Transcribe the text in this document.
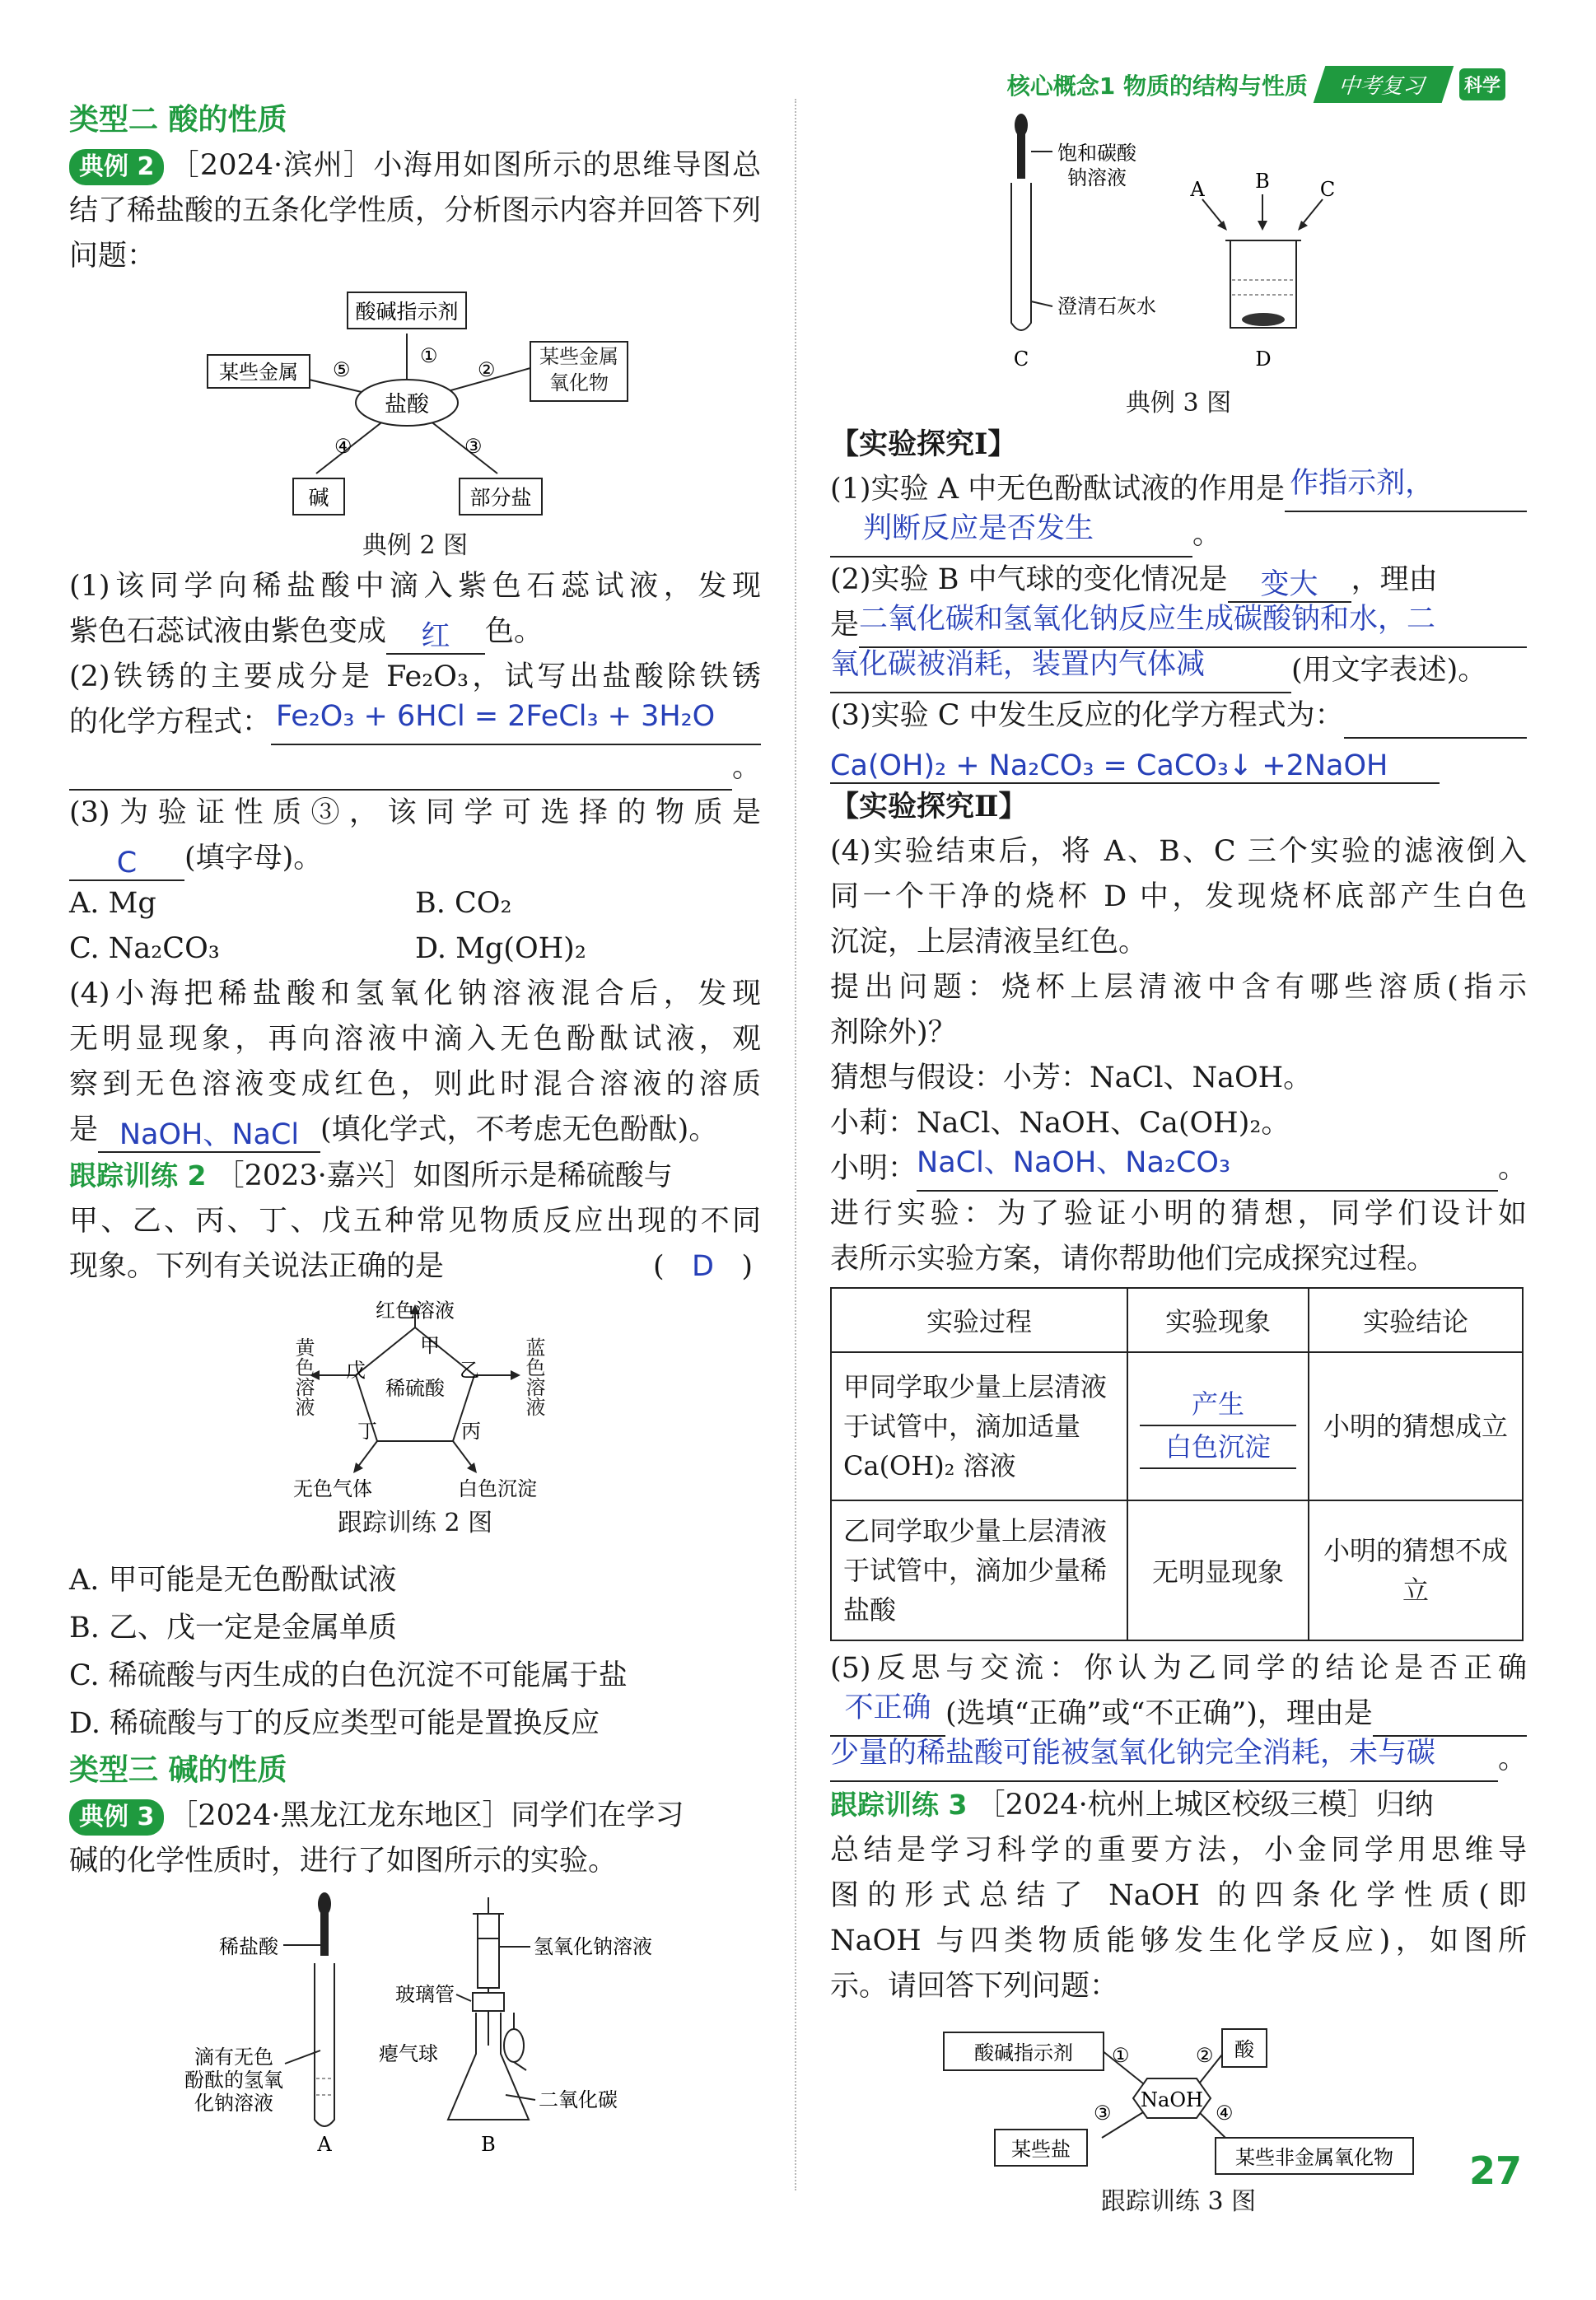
核心概念1 物质的结构与性质	中考复习	科学
类型二 酸的性质

典例 2 ［2024·滨州］小海用如图所示的思维导图总结了稀盐酸的五条化学性质，分析图示内容并回答下列问题：

盐酸
酸碱指示剂
某些金属
某些金属氧化物
碱	部分盐
①
②
③
④
⑤
典例 2 图

(1)该同学向稀盐酸中滴入紫色石蕊试液，发现

紫色石蕊试液由紫色变成 红 色。

(2)铁锈的主要成分是 Fe₂O₃，试写出盐酸除铁锈

的化学方程式： Fe₂O₃ + 6HCl = 2FeCl₃ + 3H₂O

。

(3)为验证性质③，该同学可选择的物质是

C (填字母)。

A. Mg	B. CO₂

C. Na₂CO₃	D. Mg(OH)₂

(4)小海把稀盐酸和氢氧化钠溶液混合后，发现

无明显现象，再向溶液中滴入无色酚酞试液，观

察到无色溶液变成红色，则此时混合溶液的溶质

是 NaOH、NaCl (填化学式，不考虑无色酚酞)。

跟踪训练 2 ［2023·嘉兴］如图所示是稀硫酸与

甲、乙、丙、丁、戊五种常见物质反应出现的不同

现象。下列有关说法正确的是	(   D   )

稀硫酸
红色溶液
甲
乙
丙
丁
戊
黄色溶液	蓝色溶液
无色气体	白色沉淀
跟踪训练 2 图

A. 甲可能是无色酚酞试液

B. 乙、戊一定是金属单质

C. 稀硫酸与丙生成的白色沉淀不可能属于盐

D. 稀硫酸与丁的反应类型可能是置换反应

类型三 碱的性质

典例 3 ［2024·黑龙江龙东地区］同学们在学习

碱的化学性质时，进行了如图所示的实验。

稀盐酸
滴有无色
酚酞的氢氧
化钠溶液
A
氢氧化钠溶液
玻璃管
瘪气球
二氧化碳
B
饱和碳酸
钠溶液
澄清石灰水
C
A	B	C
D
典例 3 图

【实验探究Ⅰ】

(1)实验 A 中无色酚酞试液的作用是 作指示剂，

判断反应是否发生	。

(2)实验 B 中气球的变化情况是 变大 ，理由

是 二氧化碳和氢氧化钠反应生成碳酸钠和水，二

氧化碳被消耗，装置内气体减	(用文字表述)。

(3)实验 C 中发生反应的化学方程式为：

Ca(OH)₂ + Na₂CO₃ = CaCO₃↓ +2NaOH

【实验探究Ⅱ】

(4)实验结束后，将 A、B、C 三个实验的滤液倒入

同一个干净的烧杯 D 中，发现烧杯底部产生白色

沉淀，上层清液呈红色。

提出问题：烧杯上层清液中含有哪些溶质(指示

剂除外)？

猜想与假设：小芳：NaCl、NaOH。

小莉：NaCl、NaOH、Ca(OH)₂。

小明： NaCl、NaOH、Na₂CO₃	。

进行实验：为了验证小明的猜想，同学们设计如

表所示实验方案，请你帮助他们完成探究过程。

实验过程	实验现象	实验结论
甲同学取少量上层清液于试管中，滴加适量 Ca(OH)₂ 溶液	产生
白色沉淀	小明的猜想成立
乙同学取少量上层清液于试管中，滴加少量稀盐酸	无明显现象	小明的猜想不成立

(5)反思与交流：你认为乙同学的结论是否正确

不正确 (选填“正确”或“不正确”)，理由是

少量的稀盐酸可能被氢氧化钠完全消耗，未与碳	。

跟踪训练 3 ［2024·杭州上城区校级三模］归纳

总结是学习科学的重要方法，小金同学用思维导

图的形式总结了 NaOH 的四条化学性质(即

NaOH 与四类物质能够发生化学反应)，如图所

示。请回答下列问题：

NaOH
酸碱指示剂	酸
某些盐	某些非金属氧化物
①	②
③	④
跟踪训练 3 图
27
